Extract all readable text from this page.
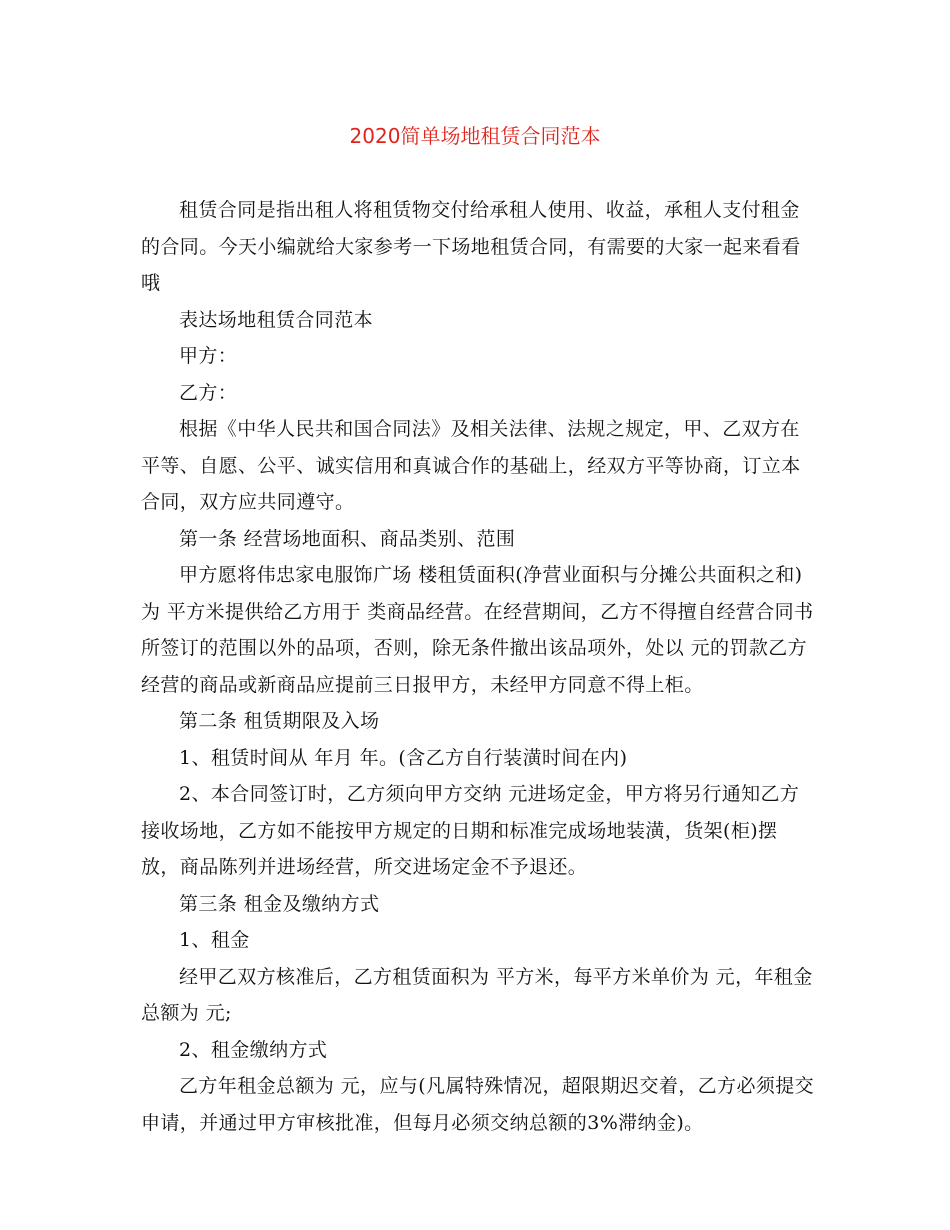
2020简单场地租赁合同范本

租赁合同是指出租人将租赁物交付给承租人使用、收益，承租人支付租金的合同。今天小编就给大家参考一下场地租赁合同，有需要的大家一起来看看哦

表达场地租赁合同范本

甲方：

乙方：

根据《中华人民共和国合同法》及相关法律、法规之规定，甲、乙双方在平等、自愿、公平、诚实信用和真诚合作的基础上，经双方平等协商，订立本合同，双方应共同遵守。

第一条 经营场地面积、商品类别、范围

甲方愿将伟忠家电服饰广场 楼租赁面积(净营业面积与分摊公共面积之和)为 平方米提供给乙方用于 类商品经营。在经营期间，乙方不得擅自经营合同书所签订的范围以外的品项，否则，除无条件撤出该品项外，处以 元的罚款乙方经营的商品或新商品应提前三日报甲方，未经甲方同意不得上柜。

第二条 租赁期限及入场

1、租赁时间从 年月 年。(含乙方自行装潢时间在内)

2、本合同签订时，乙方须向甲方交纳 元进场定金，甲方将另行通知乙方接收场地，乙方如不能按甲方规定的日期和标准完成场地装潢，货架(柜)摆放，商品陈列并进场经营，所交进场定金不予退还。

第三条 租金及缴纳方式

1、租金

经甲乙双方核准后，乙方租赁面积为 平方米，每平方米单价为 元，年租金总额为 元;

2、租金缴纳方式

乙方年租金总额为 元，应与(凡属特殊情况，超限期迟交着，乙方必须提交申请，并通过甲方审核批准，但每月必须交纳总额的3%滞纳金)。
